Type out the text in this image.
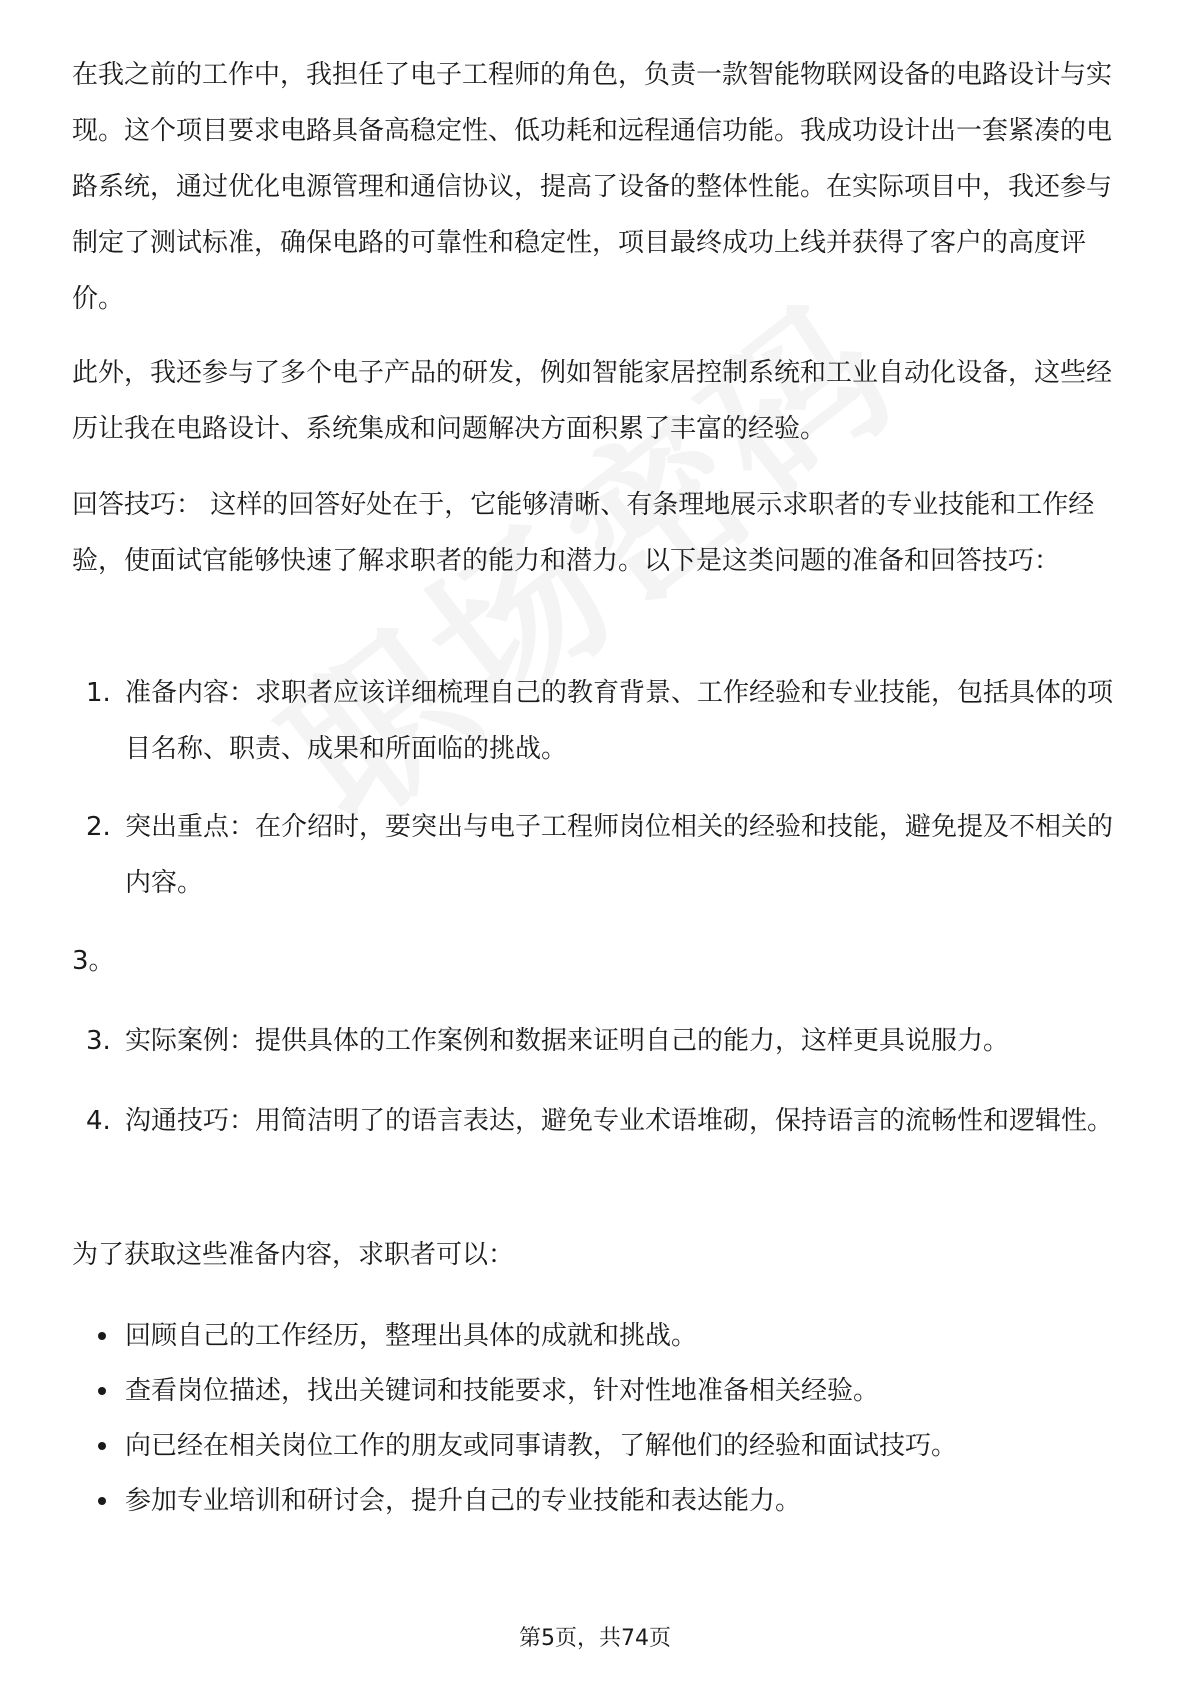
在我之前的工作中，我担任了电子工程师的角色，负责一款智能物联网设备的电路设计与实现。这个项目要求电路具备高稳定性、低功耗和远程通信功能。我成功设计出一套紧凑的电路系统，通过优化电源管理和通信协议，提高了设备的整体性能。在实际项目中，我还参与制定了测试标准，确保电路的可靠性和稳定性，项目最终成功上线并获得了客户的高度评价。

此外，我还参与了多个电子产品的研发，例如智能家居控制系统和工业自动化设备，这些经历让我在电路设计、系统集成和问题解决方面积累了丰富的经验。

回答技巧： 这样的回答好处在于，它能够清晰、有条理地展示求职者的专业技能和工作经验，使面试官能够快速了解求职者的能力和潜力。以下是这类问题的准备和回答技巧：

1. 准备内容：求职者应该详细梳理自己的教育背景、工作经验和专业技能，包括具体的项目名称、职责、成果和所面临的挑战。
2. 突出重点：在介绍时，要突出与电子工程师岗位相关的经验和技能，避免提及不相关的内容。

3。

3. 实际案例：提供具体的工作案例和数据来证明自己的能力，这样更具说服力。
4. 沟通技巧：用简洁明了的语言表达，避免专业术语堆砌，保持语言的流畅性和逻辑性。

为了获取这些准备内容，求职者可以：

回顾自己的工作经历，整理出具体的成就和挑战。
查看岗位描述，找出关键词和技能要求，针对性地准备相关经验。
向已经在相关岗位工作的朋友或同事请教，了解他们的经验和面试技巧。
参加专业培训和研讨会，提升自己的专业技能和表达能力。
第5页，共74页
